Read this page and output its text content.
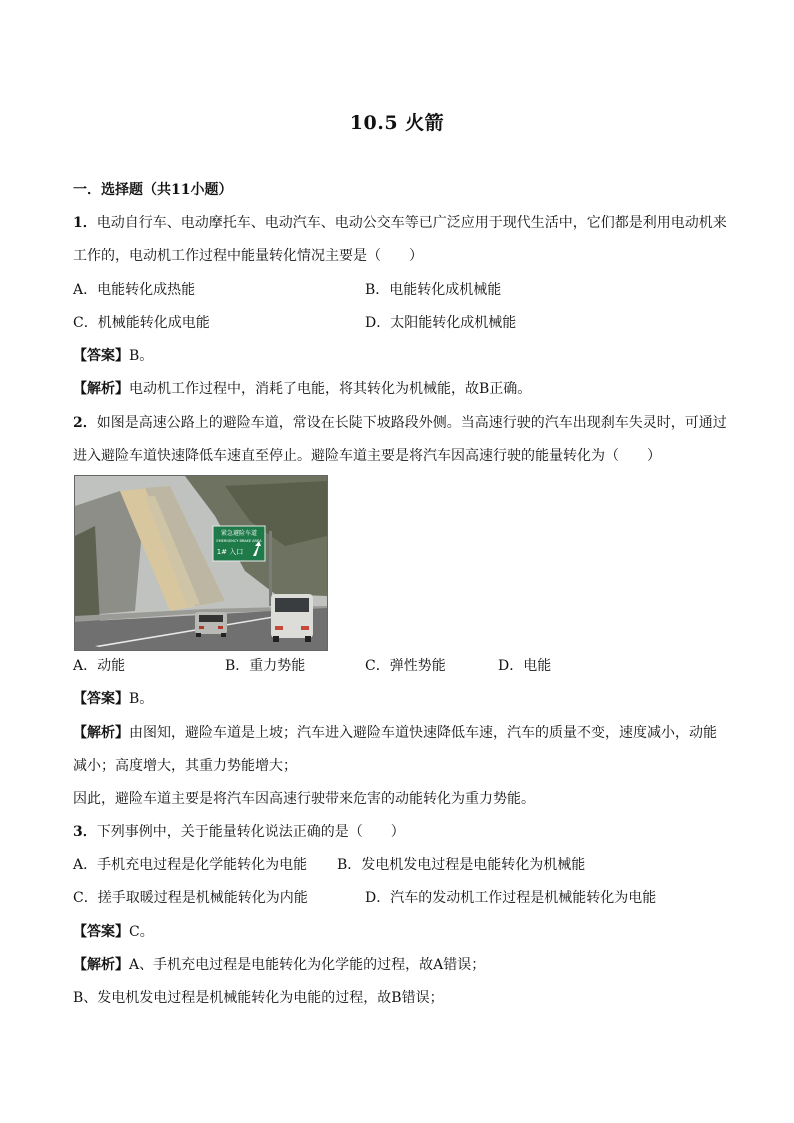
10.5 火箭
一．选择题（共11小题）
1．电动自行车、电动摩托车、电动汽车、电动公交车等已广泛应用于现代生活中，它们都是利用电动机来
工作的，电动机工作过程中能量转化情况主要是（　　）
A．电能转化成热能	B．电能转化成机械能
C．机械能转化成电能	D．太阳能转化成机械能
【答案】B。
【解析】电动机工作过程中，消耗了电能，将其转化为机械能，故B正确。
2．如图是高速公路上的避险车道，常设在长陡下坡路段外侧。当高速行驶的汽车出现刹车失灵时，可通过
进入避险车道快速降低车速直至停止。避险车道主要是将汽车因高速行驶的能量转化为（　　）
紧急避险车道
EMERGENCY BRAKE AREA
1# 入口
A．动能	B．重力势能	C．弹性势能	D．电能
【答案】B。
【解析】由图知，避险车道是上坡；汽车进入避险车道快速降低车速，汽车的质量不变，速度减小，动能
减小；高度增大，其重力势能增大；
因此，避险车道主要是将汽车因高速行驶带来危害的动能转化为重力势能。
3．下列事例中，关于能量转化说法正确的是（　　）
A．手机充电过程是化学能转化为电能 B．发电机发电过程是电能转化为机械能
C．搓手取暖过程是机械能转化为内能	D．汽车的发动机工作过程是机械能转化为电能
【答案】C。
【解析】A、手机充电过程是电能转化为化学能的过程，故A错误；
B、发电机发电过程是机械能转化为电能的过程，故B错误；
